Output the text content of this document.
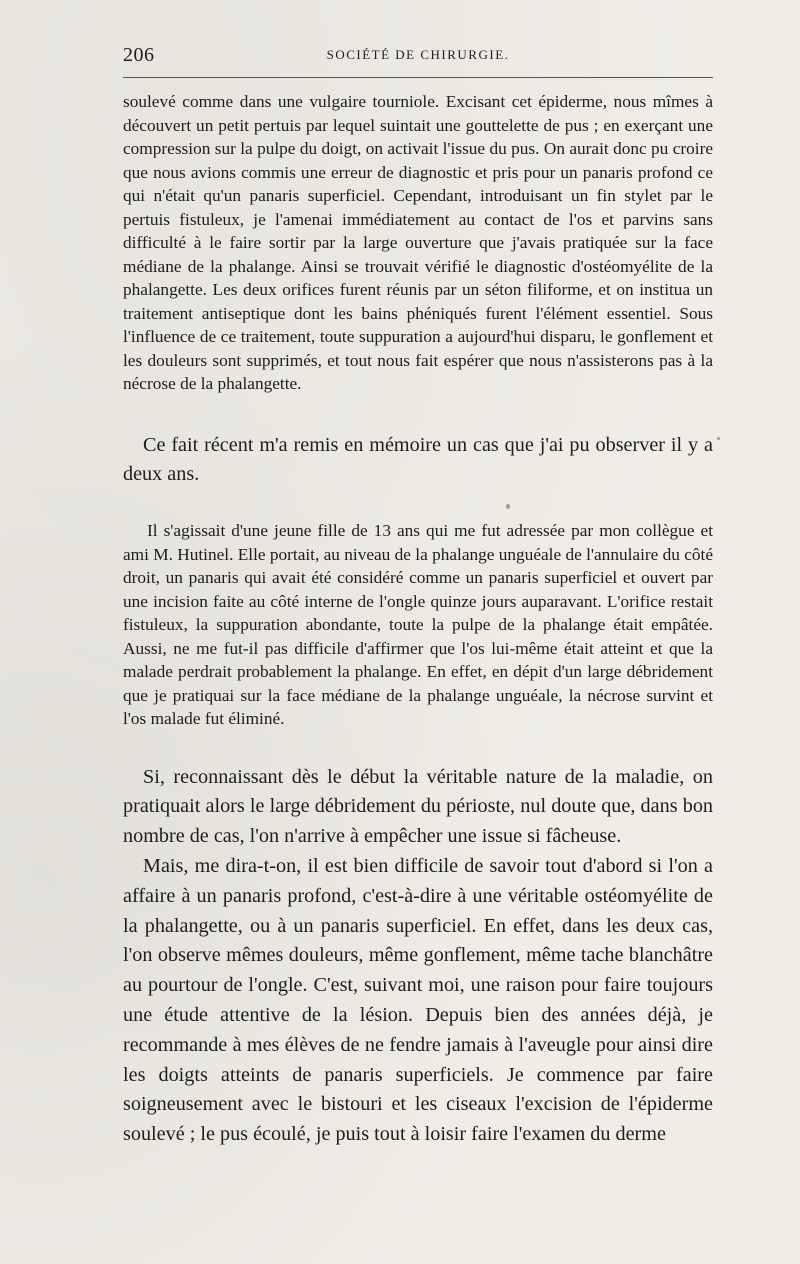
206	SOCIÉTÉ DE CHIRURGIE.

soulevé comme dans une vulgaire tourniole. Excisant cet épiderme, nous mîmes à découvert un petit pertuis par lequel suintait une gouttelette de pus ; en exerçant une compression sur la pulpe du doigt, on activait l'issue du pus. On aurait donc pu croire que nous avions commis une erreur de diagnostic et pris pour un panaris profond ce qui n'était qu'un panaris superficiel. Cependant, introduisant un fin stylet par le pertuis fistuleux, je l'amenai immédiatement au contact de l'os et parvins sans difficulté à le faire sortir par la large ouverture que j'avais pratiquée sur la face médiane de la phalange. Ainsi se trouvait vérifié le diagnostic d'ostéomyélite de la phalangette. Les deux orifices furent réunis par un séton filiforme, et on institua un traitement antiseptique dont les bains phéniqués furent l'élément essentiel. Sous l'influence de ce traitement, toute suppuration a aujourd'hui disparu, le gonflement et les douleurs sont supprimés, et tout nous fait espérer que nous n'assisterons pas à la nécrose de la phalangette.

Ce fait récent m'a remis en mémoire un cas que j'ai pu observer il y a deux ans.

Il s'agissait d'une jeune fille de 13 ans qui me fut adressée par mon collègue et ami M. Hutinel. Elle portait, au niveau de la phalange unguéale de l'annulaire du côté droit, un panaris qui avait été considéré comme un panaris superficiel et ouvert par une incision faite au côté interne de l'ongle quinze jours auparavant. L'orifice restait fistuleux, la suppuration abondante, toute la pulpe de la phalange était empâtée. Aussi, ne me fut-il pas difficile d'affirmer que l'os lui-même était atteint et que la malade perdrait probablement la phalange. En effet, en dépit d'un large débridement que je pratiquai sur la face médiane de la phalange unguéale, la nécrose survint et l'os malade fut éliminé.

Si, reconnaissant dès le début la véritable nature de la maladie, on pratiquait alors le large débridement du périoste, nul doute que, dans bon nombre de cas, l'on n'arrive à empêcher une issue si fâcheuse.

Mais, me dira-t-on, il est bien difficile de savoir tout d'abord si l'on a affaire à un panaris profond, c'est-à-dire à une véritable ostéomyélite de la phalangette, ou à un panaris superficiel. En effet, dans les deux cas, l'on observe mêmes douleurs, même gonflement, même tache blanchâtre au pourtour de l'ongle. C'est, suivant moi, une raison pour faire toujours une étude attentive de la lésion. Depuis bien des années déjà, je recommande à mes élèves de ne fendre jamais à l'aveugle pour ainsi dire les doigts atteints de panaris superficiels. Je commence par faire soigneusement avec le bistouri et les ciseaux l'excision de l'épiderme soulevé ; le pus écoulé, je puis tout à loisir faire l'examen du derme
